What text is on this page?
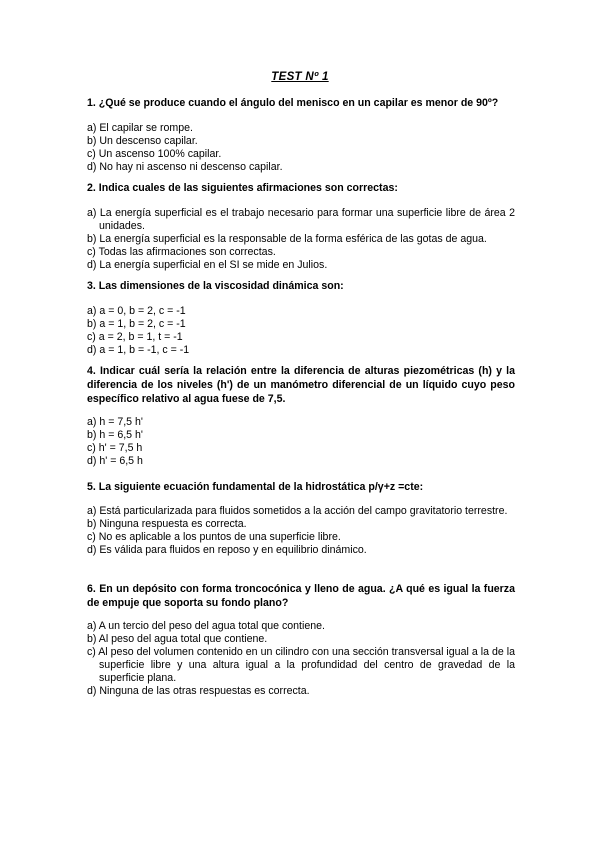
TEST Nº 1

1. ¿Qué se produce cuando el ángulo del menisco en un capilar es menor de 90º?

a) El capilar se rompe.
b) Un descenso capilar.
c) Un ascenso 100% capilar.
d) No hay ni ascenso ni descenso capilar.

2. Indica cuales de las siguientes afirmaciones son correctas:

a) La energía superficial es el trabajo necesario para formar una superficie libre de área 2 unidades.
b) La energía superficial es la responsable de la forma esférica de las gotas de agua.
c) Todas las afirmaciones son correctas.
d) La energía superficial en el SI se mide en Julios.

3. Las dimensiones de la viscosidad dinámica son:

a) a = 0, b = 2, c = -1
b) a = 1, b = 2, c = -1
c) a = 2, b = 1, t = -1
d) a = 1, b = -1, c = -1

4. Indicar cuál sería la relación entre la diferencia de alturas piezométricas (h) y la diferencia de los niveles (h') de un manómetro diferencial de un líquido cuyo peso específico relativo al agua fuese de 7,5.

a) h = 7,5 h'
b) h = 6,5 h'
c) h' = 7,5 h
d) h' = 6,5 h

5. La siguiente ecuación fundamental de la hidrostática p/γ+z =cte:

a) Está particularizada para fluidos sometidos a la acción del campo gravitatorio terrestre.
b) Ninguna respuesta es correcta.
c) No es aplicable a los puntos de una superficie libre.
d) Es válida para fluidos en reposo y en equilibrio dinámico.

6. En un depósito con forma troncocónica y lleno de agua. ¿A qué es igual la fuerza de empuje que soporta su fondo plano?

a) A un tercio del peso del agua total que contiene.
b) Al peso del agua total que contiene.
c) Al peso del volumen contenido en un cilindro con una sección transversal igual a la de la superficie libre y una altura igual a la profundidad del centro de gravedad de la superficie plana.
d) Ninguna de las otras respuestas es correcta.
